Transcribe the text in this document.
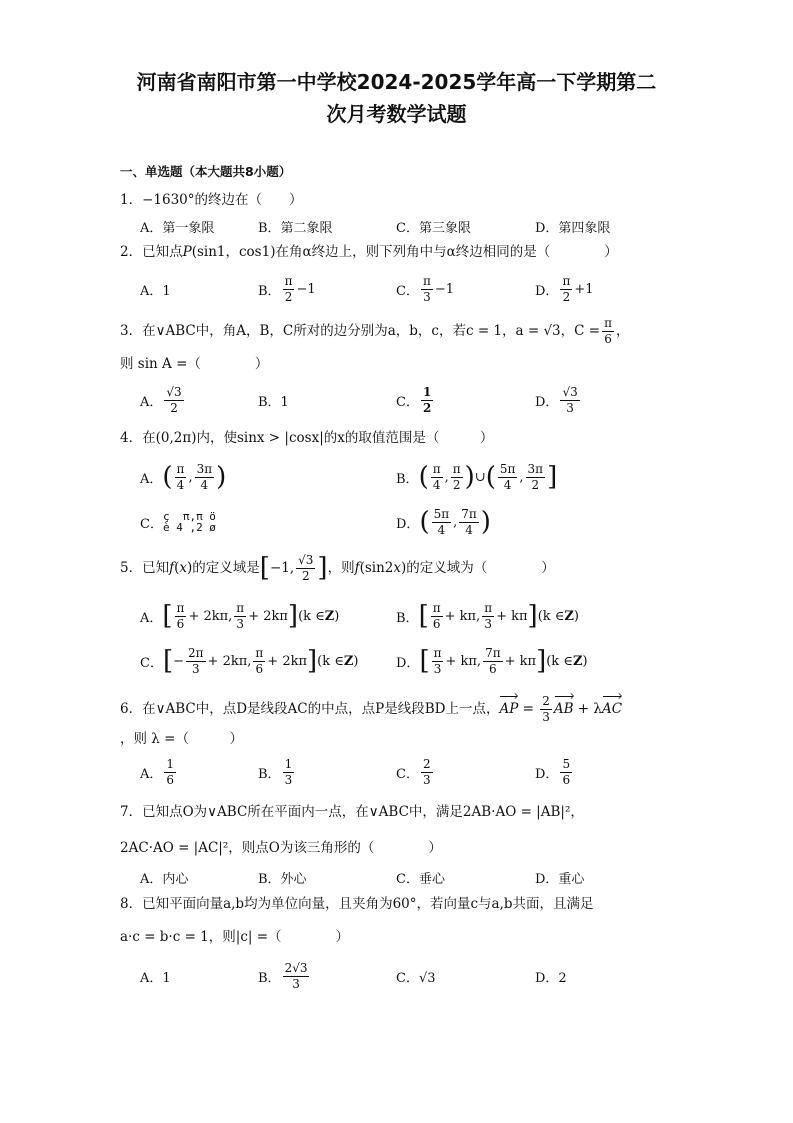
河南省南阳市第一中学校2024-2025学年高一下学期第二
次月考数学试题
一、单选题（本大题共8小题）
1．−1630°的终边在（　　）
A．第一象限	B．第二象限	C．第三象限	D．第四象限
2．已知点P(sin1，cos1)在角α终边上，则下列角中与α终边相同的是（　　　　）
A．1	B． $\frac{\pi}{2} -1$	C． $\frac{\pi}{3} -1$	D． $\frac{\pi}{2} +1$
3．在∨ABC中，角A，B，C所对的边分别为a，b，c，若c = 1，a = √3，$C = \frac{\pi}{6}$ ，
则 sin A =（　　　　）
A． $\frac{√3}{2}$	B．1	C． $\frac{1}{2}$	D． $\frac{√3}{3}$
4．在(0,2π)内，使sinx > |cosx|的x的取值范围是（　　　）
A． ( $\frac{\pi}{4}$ , $\frac{3\pi}{4}$ )	B． ( $\frac{\pi}{4}$ , $\frac{\pi}{2}$ ) ∪ ( $\frac{5\pi}{4}$ , $\frac{3\pi}{2}$ ]
C． ç  π,π ö
è 4 ,2 ø	D． ( $\frac{5\pi}{4}$ , $\frac{7\pi}{4}$ )
5．已知 f ( x )的定义域是 [ −1, $\frac{√3}{2}$ ] ，则 f (sin2 x )的定义域为（　　　　）
A． [ $\frac{\pi}{6} + 2k\pi$, $\frac{\pi}{3} + 2k\pi$ ] (k ∈ Z )	B． [ $\frac{\pi}{6} + k\pi$, $\frac{\pi}{3} + k\pi$ ] (k ∈ Z )
C． [ − $\frac{2\pi}{3} + 2k\pi$, $\frac{\pi}{6} + 2k\pi$ ] (k ∈ Z )	D． [ $\frac{\pi}{3} + k\pi$, $\frac{7\pi}{6} + k\pi$ ] (k ∈ Z )
6．在∨ABC中，点D是线段AC的中点，点P是线段BD上一点， AP = $\frac{2}{3}$ AB + λ AC
，则 λ =（　　　）
A． $\frac{1}{6}$	B． $\frac{1}{3}$	C． $\frac{2}{3}$	D． $\frac{5}{6}$
7．已知点O为∨ABC所在平面内一点，在∨ABC中，满足2AB·AO = |AB|²，
2AC·AO = |AC|²，则点O为该三角形的（　　　　）
A．内心	B．外心	C．垂心	D．重心
8．已知平面向量a,b均为单位向量，且夹角为60°，若向量c与a,b共面，且满足
a·c = b·c = 1，则|c| =（　　　　）
A．1	B． $\frac{2√3}{3}$	C．√3	D．2
